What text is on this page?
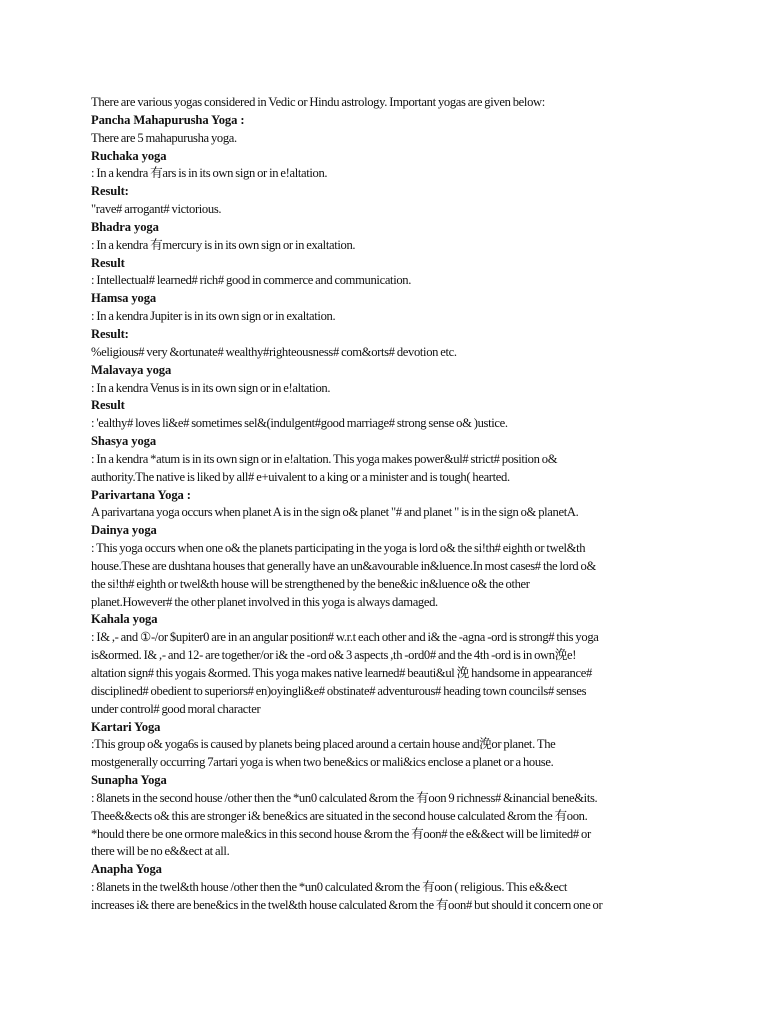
There are various yogas considered in Vedic or Hindu astrology. Important yogas are given below:
Pancha Mahapurusha Yoga :
There are 5 mahapurusha yoga.
Ruchaka yoga
: In a kendra 有ars is in its own sign or in e!altation.
Result:
"rave# arrogant# victorious.
Bhadra yoga
: In a kendra 有mercury is in its own sign or in exaltation.
Result
: Intellectual# learned# rich# good in commerce and communication.
Hamsa yoga
: In a kendra Jupiter is in its own sign or in exaltation.
Result:
%eligious# very &ortunate# wealthy#righteousness# com&orts# devotion etc.
Malavaya yoga
: In a kendra Venus is in its own sign or in e!altation.
Result
: 'ealthy# loves li&e# sometimes sel&(indulgent#good marriage# strong sense o& )ustice.
Shasya yoga
: In a kendra *atum is in its own sign or in e!altation. This yoga makes power&ul# strict# position o&
authority.The native is liked by all# e+uivalent to a king or a minister and is tough( hearted.
Parivartana Yoga :
A parivartana yoga occurs when planet A is in the sign o& planet "# and planet " is in the sign o& planetA.
Dainya yoga
: This yoga occurs when one o& the planets participating in the yoga is lord o& the si!th# eighth or twel&th
house.These are dushtana houses that generally have an un&avourable in&luence.In most cases# the lord o&
the si!th# eighth or twel&th house will be strengthened by the bene&ic in&luence o& the other
planet.However# the other planet involved in this yoga is always damaged.
Kahala yoga
: I& ,- and ①-/or $upiter0 are in an angular position# w.r.t each other and i& the -agna -ord is strong# this yoga
is&ormed. I& ,- and 12- are together/or i& the -ord o& 3 aspects ,th -ord0# and the 4th -ord is in own浼e!
altation sign# this yogais &ormed. This yoga makes native learned# beauti&ul 浼 handsome in appearance#
disciplined# obedient to superiors# en)oyingli&e# obstinate# adventurous# heading town councils# senses
under control# good moral character
Kartari Yoga
:This group o& yoga6s is caused by planets being placed around a certain house and浼or planet. The
mostgenerally occurring 7artari yoga is when two bene&ics or mali&ics enclose a planet or a house.
Sunapha Yoga
: 8lanets in the second house /other then the *un0 calculated &rom the 有oon 9 richness# &inancial bene&its.
Thee&&ects o& this are stronger i& bene&ics are situated in the second house calculated &rom the 有oon.
*hould there be one ormore male&ics in this second house &rom the 有oon# the e&&ect will be limited# or
there will be no e&&ect at all.
Anapha Yoga
: 8lanets in the twel&th house /other then the *un0 calculated &rom the 有oon ( religious. This e&&ect
increases i& there are bene&ics in the twel&th house calculated &rom the 有oon# but should it concern one or
